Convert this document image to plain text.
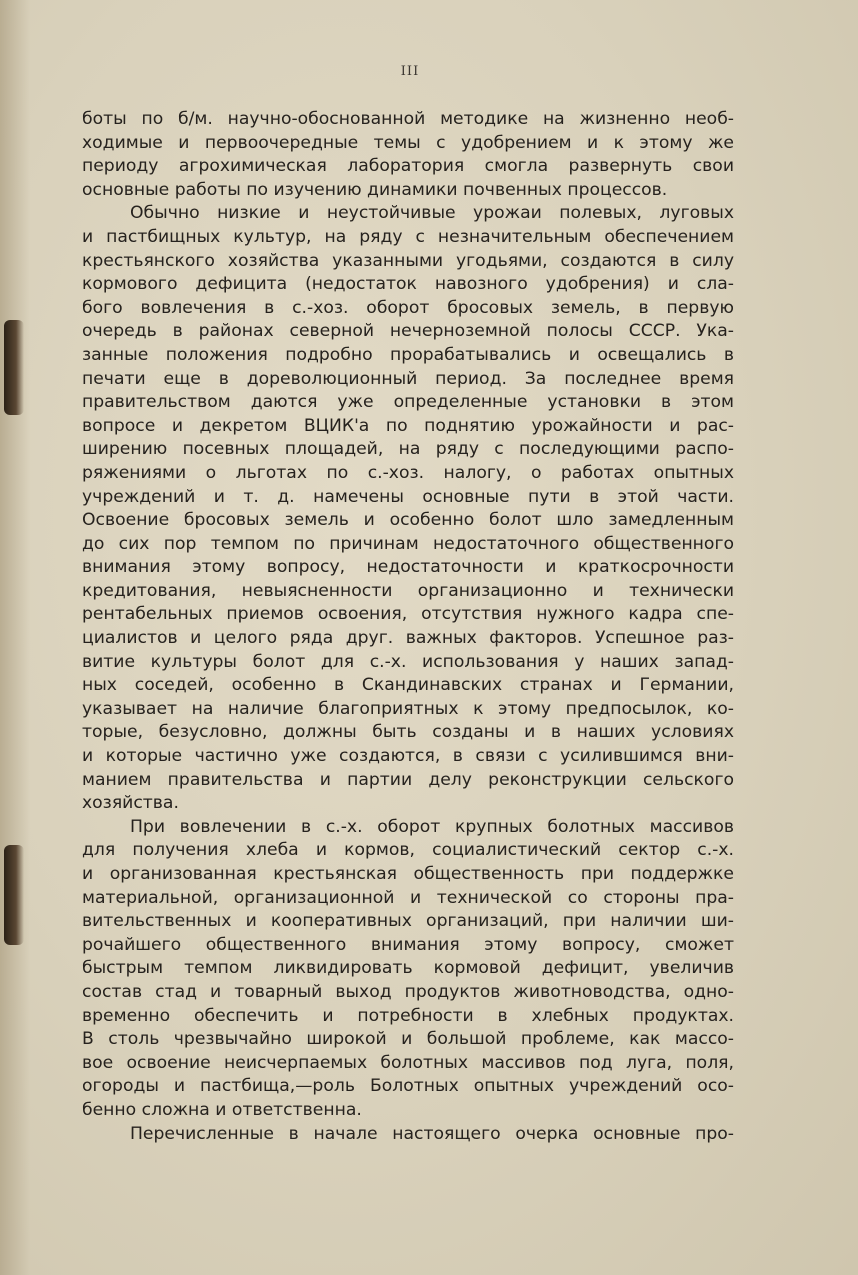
III
боты по б/м. научно-обоснованной методике на жизненно необ-
ходимые и первоочередные темы с удобрением и к этому же
периоду агрохимическая лаборатория смогла развернуть свои
основные работы по изучению динамики почвенных процессов.
Обычно низкие и неустойчивые урожаи полевых, луговых
и пастбищных культур, на ряду с незначительным обеспечением
крестьянского хозяйства указанными угодьями, создаются в силу
кормового дефицита (недостаток навозного удобрения) и сла-
бого вовлечения в с.-хоз. оборот бросовых земель, в первую
очередь в районах северной нечерноземной полосы СССР. Ука-
занные положения подробно прорабатывались и освещались в
печати еще в дореволюционный период. За последнее время
правительством даются уже определенные установки в этом
вопросе и декретом ВЦИК'а по поднятию урожайности и рас-
ширению посевных площадей, на ряду с последующими распо-
ряжениями о льготах по с.-хоз. налогу, о работах опытных
учреждений и т. д. намечены основные пути в этой части.
Освоение бросовых земель и особенно болот шло замедленным
до сих пор темпом по причинам недостаточного общественного
внимания этому вопросу, недостаточности и краткосрочности
кредитования, невыясненности организационно и технически
рентабельных приемов освоения, отсутствия нужного кадра спе-
циалистов и целого ряда друг. важных факторов. Успешное раз-
витие культуры болот для с.-х. использования у наших запад-
ных соседей, особенно в Скандинавских странах и Германии,
указывает на наличие благоприятных к этому предпосылок, ко-
торые, безусловно, должны быть созданы и в наших условиях
и которые частично уже создаются, в связи с усилившимся вни-
манием правительства и партии делу реконструкции сельского
хозяйства.
При вовлечении в с.-х. оборот крупных болотных массивов
для получения хлеба и кормов, социалистический сектор с.-х.
и организованная крестьянская общественность при поддержке
материальной, организационной и технической со стороны пра-
вительственных и кооперативных организаций, при наличии ши-
рочайшего общественного внимания этому вопросу, сможет
быстрым темпом ликвидировать кормовой дефицит, увеличив
состав стад и товарный выход продуктов животноводства, одно-
временно обеспечить и потребности в хлебных продуктах.
В столь чрезвычайно широкой и большой проблеме, как массо-
вое освоение неисчерпаемых болотных массивов под луга, поля,
огороды и пастбища,—роль Болотных опытных учреждений осо-
бенно сложна и ответственна.
Перечисленные в начале настоящего очерка основные про-
